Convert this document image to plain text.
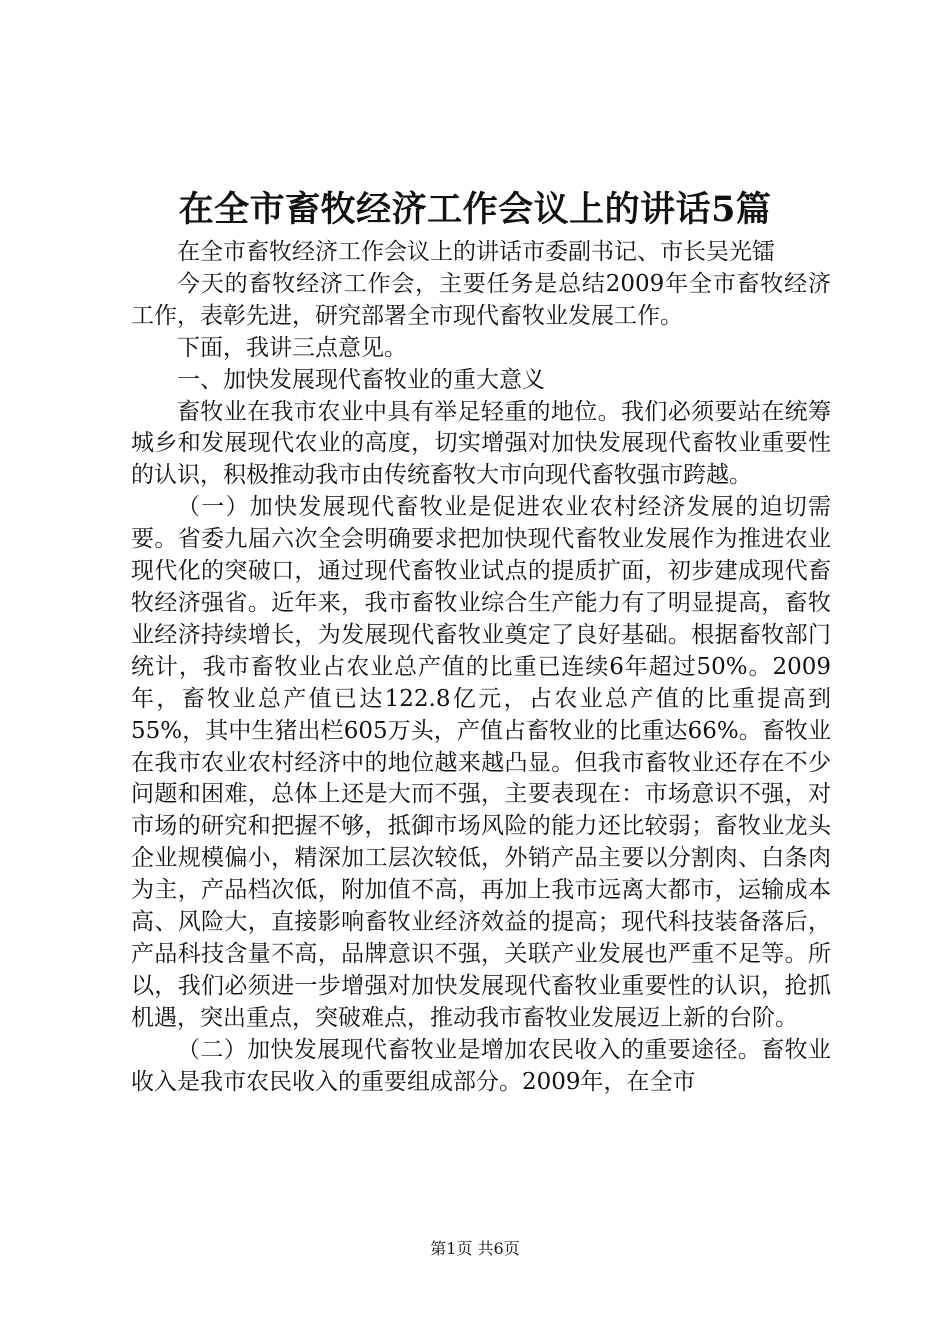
在全市畜牧经济工作会议上的讲话5篇

在全市畜牧经济工作会议上的讲话市委副书记、市长吴光镭

今天的畜牧经济工作会，主要任务是总结2009年全市畜牧经济工作，表彰先进，研究部署全市现代畜牧业发展工作。

下面，我讲三点意见。

一、加快发展现代畜牧业的重大意义

畜牧业在我市农业中具有举足轻重的地位。我们必须要站在统筹城乡和发展现代农业的高度，切实增强对加快发展现代畜牧业重要性的认识，积极推动我市由传统畜牧大市向现代畜牧强市跨越。

（一）加快发展现代畜牧业是促进农业农村经济发展的迫切需要。省委九届六次全会明确要求把加快现代畜牧业发展作为推进农业现代化的突破口，通过现代畜牧业试点的提质扩面，初步建成现代畜牧经济强省。近年来，我市畜牧业综合生产能力有了明显提高，畜牧业经济持续增长，为发展现代畜牧业奠定了良好基础。根据畜牧部门统计，我市畜牧业占农业总产值的比重已连续6年超过50%。2009年，畜牧业总产值已达122.8亿元，占农业总产值的比重提高到55%，其中生猪出栏605万头，产值占畜牧业的比重达66%。畜牧业在我市农业农村经济中的地位越来越凸显。但我市畜牧业还存在不少问题和困难，总体上还是大而不强，主要表现在：市场意识不强，对市场的研究和把握不够，抵御市场风险的能力还比较弱；畜牧业龙头企业规模偏小，精深加工层次较低，外销产品主要以分割肉、白条肉为主，产品档次低，附加值不高，再加上我市远离大都市，运输成本高、风险大，直接影响畜牧业经济效益的提高；现代科技装备落后，产品科技含量不高，品牌意识不强，关联产业发展也严重不足等。所以，我们必须进一步增强对加快发展现代畜牧业重要性的认识，抢抓机遇，突出重点，突破难点，推动我市畜牧业发展迈上新的台阶。

（二）加快发展现代畜牧业是增加农民收入的重要途径。畜牧业收入是我市农民收入的重要组成部分。2009年，在全市

第1页 共6页
